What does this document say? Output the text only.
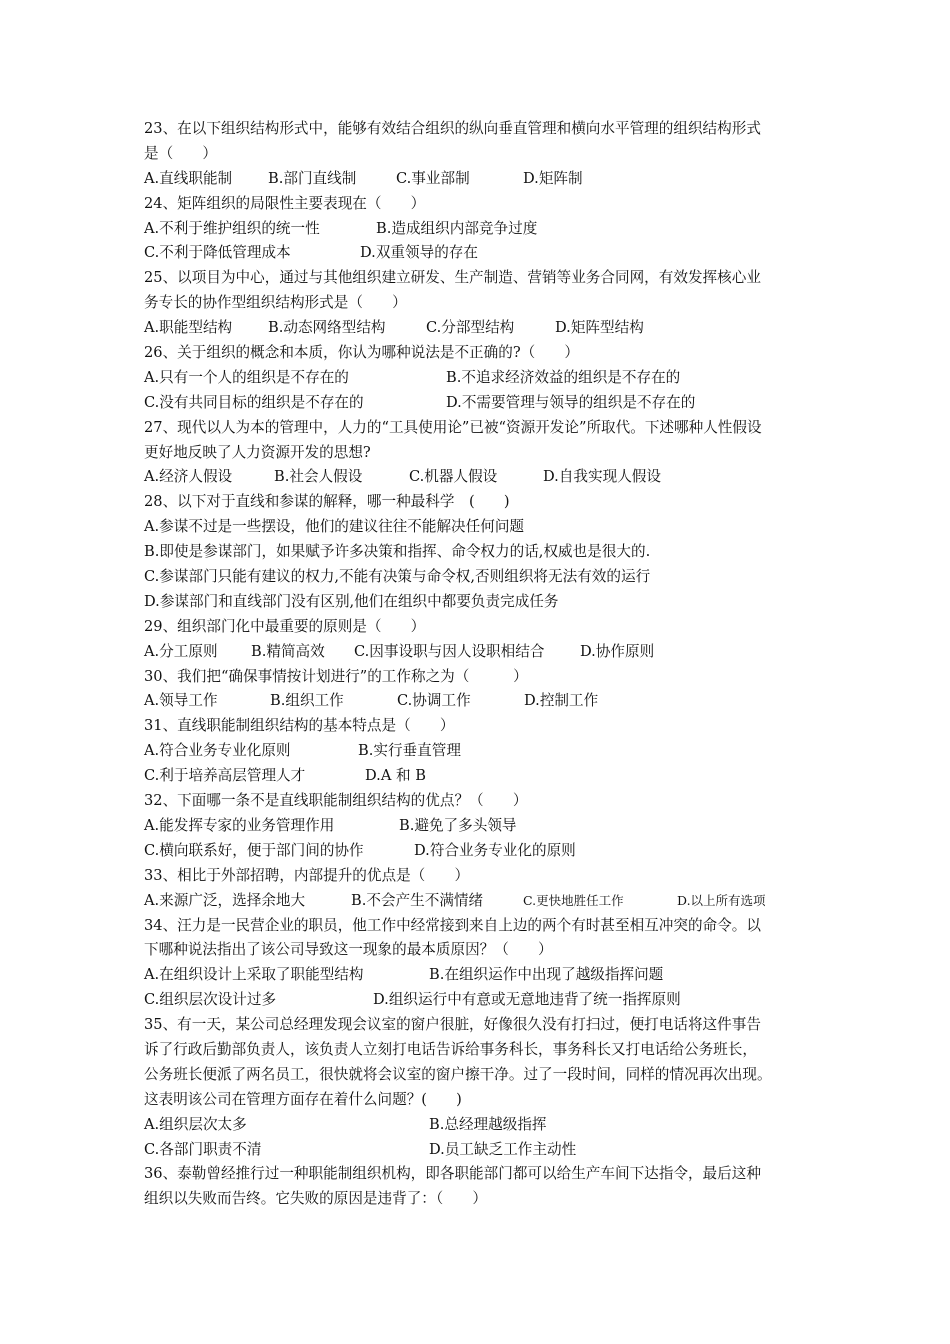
23、在以下组织结构形式中，能够有效结合组织的纵向垂直管理和横向水平管理的组织结构形式
是（　　）
A.直线职能制 B.部门直线制	C.事业部制	D.矩阵制
24、矩阵组织的局限性主要表现在（　　）
A.不利于维护组织的统一性	B.造成组织内部竞争过度
C.不利于降低管理成本	D.双重领导的存在
25、以项目为中心，通过与其他组织建立研发、生产制造、营销等业务合同网，有效发挥核心业
务专长的协作型组织结构形式是（　　）
A.职能型结构 B.动态网络型结构	C.分部型结构	D.矩阵型结构
26、关于组织的概念和本质，你认为哪种说法是不正确的?（　　）
A.只有一个人的组织是不存在的	B.不追求经济效益的组织是不存在的
C.没有共同目标的组织是不存在的	D.不需要管理与领导的组织是不存在的
27、现代以人为本的管理中，人力的“工具使用论”已被“资源开发论”所取代。下述哪种人性假设
更好地反映了人力资源开发的思想?
A.经济人假设	B.社会人假设	C.机器人假设	D.自我实现人假设
28、以下对于直线和参谋的解释，哪一种最科学　(　　)
A.参谋不过是一些摆设，他们的建议往往不能解决任何问题
B.即使是参谋部门，如果赋予许多决策和指挥、命令权力的话,权威也是很大的.
C.参谋部门只能有建议的权力,不能有决策与命令权,否则组织将无法有效的运行
D.参谋部门和直线部门没有区别,他们在组织中都要负责完成任务
29、组织部门化中最重要的原则是（　　）
A.分工原则 B.精简高效 C.因事设职与因人设职相结合 D.协作原则
30、我们把“确保事情按计划进行”的工作称之为（　　　）
A.领导工作	B.组织工作	C.协调工作	D.控制工作
31、直线职能制组织结构的基本特点是（　　）
A.符合业务专业化原则	B.实行垂直管理
C.利于培养高层管理人才	D.A 和 B
32、下面哪一条不是直线职能制组织结构的优点？（　　）
A.能发挥专家的业务管理作用	B.避免了多头领导
C.横向联系好，便于部门间的协作	D.符合业务专业化的原则
33、相比于外部招聘，内部提升的优点是（　　）
A.来源广泛，选择余地大	B.不会产生不满情绪	C.更快地胜任工作	D.以上所有选项
34、汪力是一民营企业的职员，他工作中经常接到来自上边的两个有时甚至相互冲突的命令。以
下哪种说法指出了该公司导致这一现象的最本质原因？（　　）
A.在组织设计上采取了职能型结构	B.在组织运作中出现了越级指挥问题
C.组织层次设计过多	D.组织运行中有意或无意地违背了统一指挥原则
35、有一天，某公司总经理发现会议室的窗户很脏，好像很久没有打扫过，便打电话将这件事告
诉了行政后勤部负责人，该负责人立刻打电话告诉给事务科长，事务科长又打电话给公务班长，
公务班长便派了两名员工，很快就将会议室的窗户擦干净。过了一段时间，同样的情况再次出现。
这表明该公司在管理方面存在着什么问题？(　　)
A.组织层次太多	B.总经理越级指挥
C.各部门职责不清	D.员工缺乏工作主动性
36、泰勒曾经推行过一种职能制组织机构，即各职能部门都可以给生产车间下达指令，最后这种
组织以失败而告终。它失败的原因是违背了：（　　）
